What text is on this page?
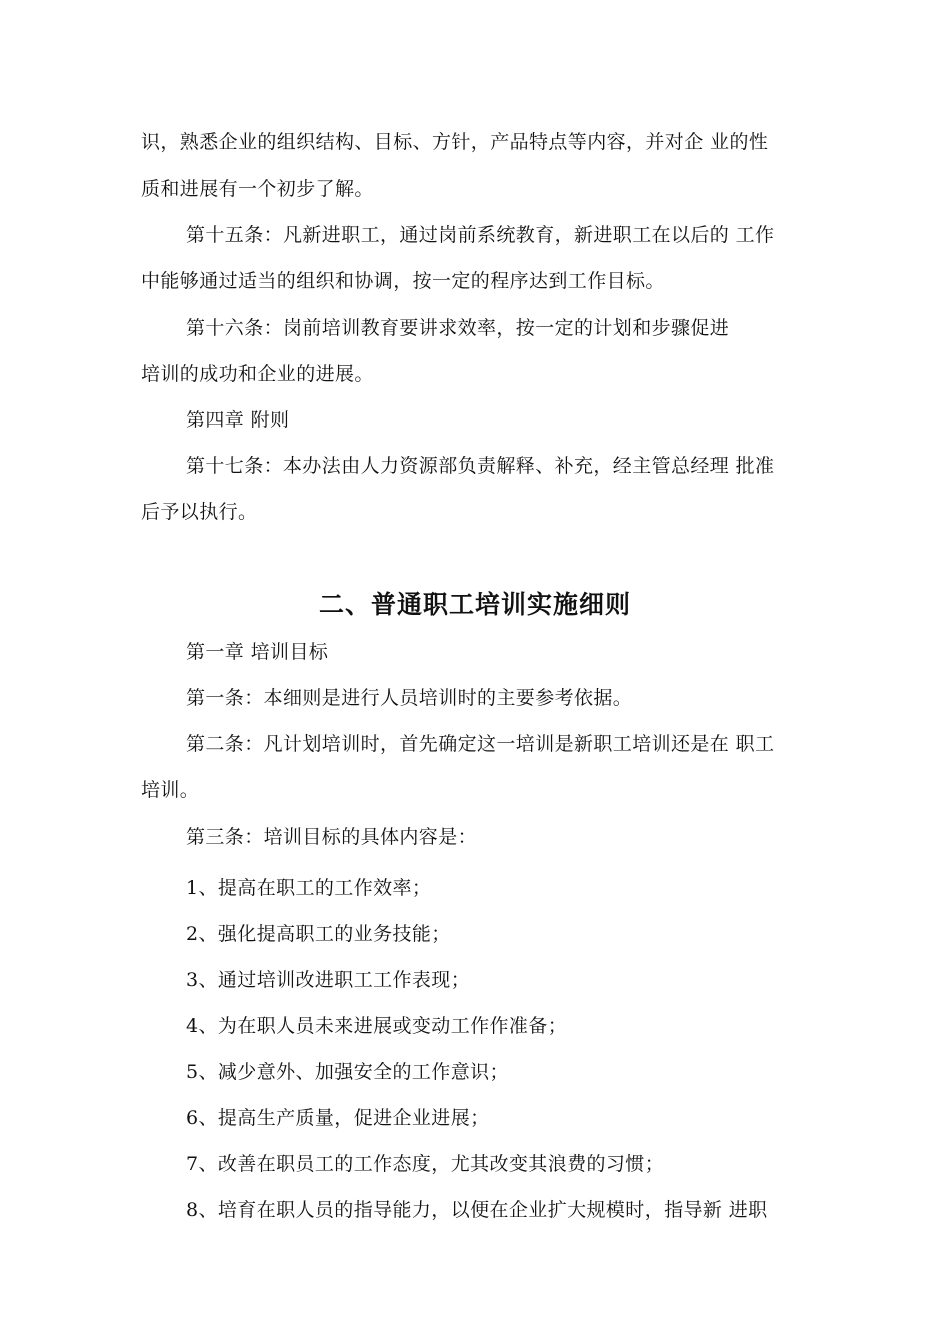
识，熟悉企业的组织结构、目标、方针，产品特点等内容，并对企 业的性

质和进展有一个初步了解。

第十五条：凡新进职工，通过岗前系统教育，新进职工在以后的 工作

中能够通过适当的组织和协调，按一定的程序达到工作目标。

第十六条：岗前培训教育要讲求效率，按一定的计划和步骤促进

培训的成功和企业的进展。

第四章 附则

第十七条：本办法由人力资源部负责解释、补充，经主管总经理 批准

后予以执行。

二、普通职工培训实施细则

第一章 培训目标

第一条：本细则是进行人员培训时的主要参考依据。

第二条：凡计划培训时，首先确定这一培训是新职工培训还是在 职工

培训。

第三条：培训目标的具体内容是：

1、提高在职工的工作效率；

2、强化提高职工的业务技能；

3、通过培训改进职工工作表现；

4、为在职人员未来进展或变动工作作准备；

5、减少意外、加强安全的工作意识；

6、提高生产质量，促进企业进展；

7、改善在职员工的工作态度，尤其改变其浪费的习惯；

8、培育在职人员的指导能力，以便在企业扩大规模时，指导新 进职
